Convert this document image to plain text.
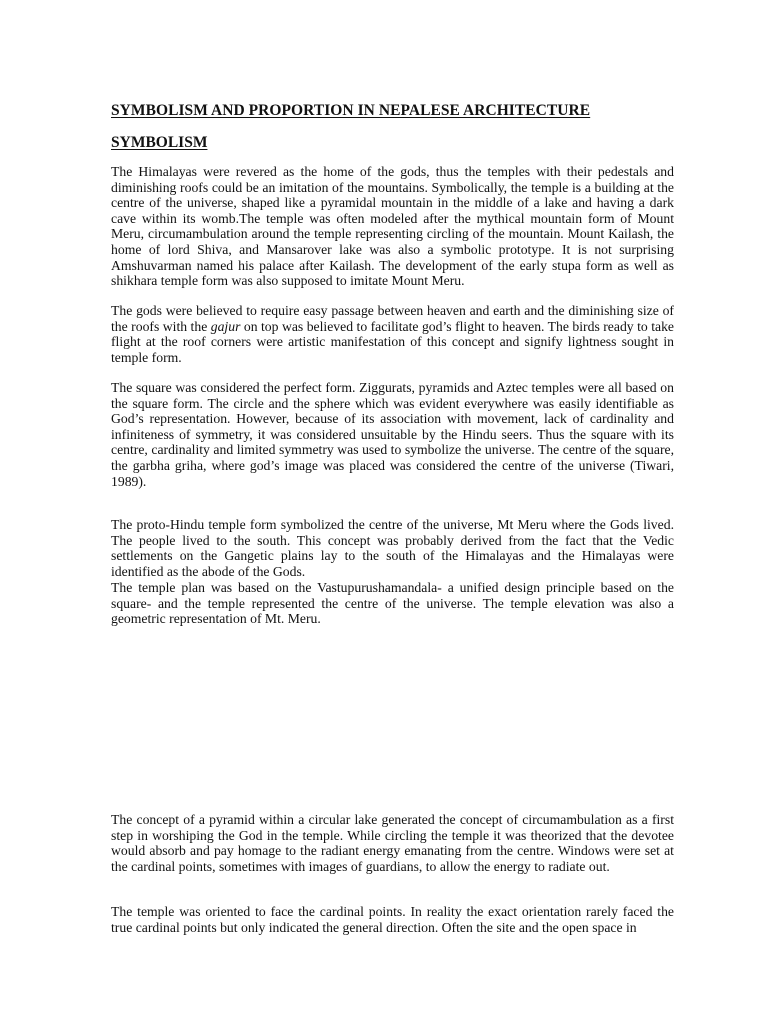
SYMBOLISM AND PROPORTION IN NEPALESE ARCHITECTURE
SYMBOLISM

The Himalayas were revered as the home of the gods, thus the temples with their pedestals and diminishing roofs could be an imitation of the mountains. Symbolically, the temple is a building at the centre of the universe, shaped like a pyramidal mountain in the middle of a lake and having a dark cave within its womb.The temple was often modeled after the mythical mountain form of Mount Meru, circumambulation around the temple representing circling of the mountain. Mount Kailash, the home of lord Shiva, and Mansarover lake was also a symbolic prototype. It is not surprising Amshuvarman named his palace after Kailash. The development of the early stupa form as well as shikhara temple form was also supposed to imitate Mount Meru.

The gods were believed to require easy passage between heaven and earth and the diminishing size of the roofs with the gajur on top was believed to facilitate god’s flight to heaven. The birds ready to take flight at the roof corners were artistic manifestation of this concept and signify lightness sought in temple form.

The square was considered the perfect form. Ziggurats, pyramids and Aztec temples were all based on the square form. The circle and the sphere which was evident everywhere was easily identifiable as God’s representation. However, because of its association with movement, lack of cardinality and infiniteness of symmetry, it was considered unsuitable by the Hindu seers. Thus the square with its centre, cardinality and limited symmetry was used to symbolize the universe. The centre of the square, the garbha griha, where god’s image was placed was considered the centre of the universe (Tiwari, 1989).

The proto-Hindu temple form symbolized the centre of the universe, Mt Meru where the Gods lived. The people lived to the south. This concept was probably derived from the fact that the Vedic settlements on the Gangetic plains lay to the south of the Himalayas and the Himalayas were identified as the abode of the Gods.

The temple plan was based on the Vastupurushamandala- a unified design principle based on the square- and the temple represented the centre of the universe. The temple elevation was also a geometric representation of Mt. Meru.

The concept of a pyramid within a circular lake generated the concept of circumambulation as a first step in worshiping the God in the temple. While circling the temple it was theorized that the devotee would absorb and pay homage to the radiant energy emanating from the centre. Windows were set at the cardinal points, sometimes with images of guardians, to allow the energy to radiate out.

The temple was oriented to face the cardinal points. In reality the exact orientation rarely faced the true cardinal points but only indicated the general direction. Often the site and the open space in
